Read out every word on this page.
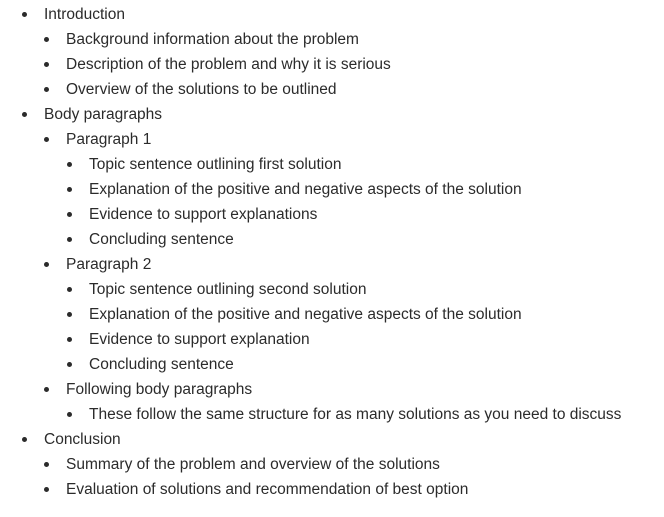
Introduction
Background information about the problem
Description of the problem and why it is serious
Overview of the solutions to be outlined
Body paragraphs
Paragraph 1
Topic sentence outlining first solution
Explanation of the positive and negative aspects of the solution
Evidence to support explanations
Concluding sentence
Paragraph 2
Topic sentence outlining second solution
Explanation of the positive and negative aspects of the solution
Evidence to support explanation
Concluding sentence
Following body paragraphs
These follow the same structure for as many solutions as you need to discuss
Conclusion
Summary of the problem and overview of the solutions
Evaluation of solutions and recommendation of best option
